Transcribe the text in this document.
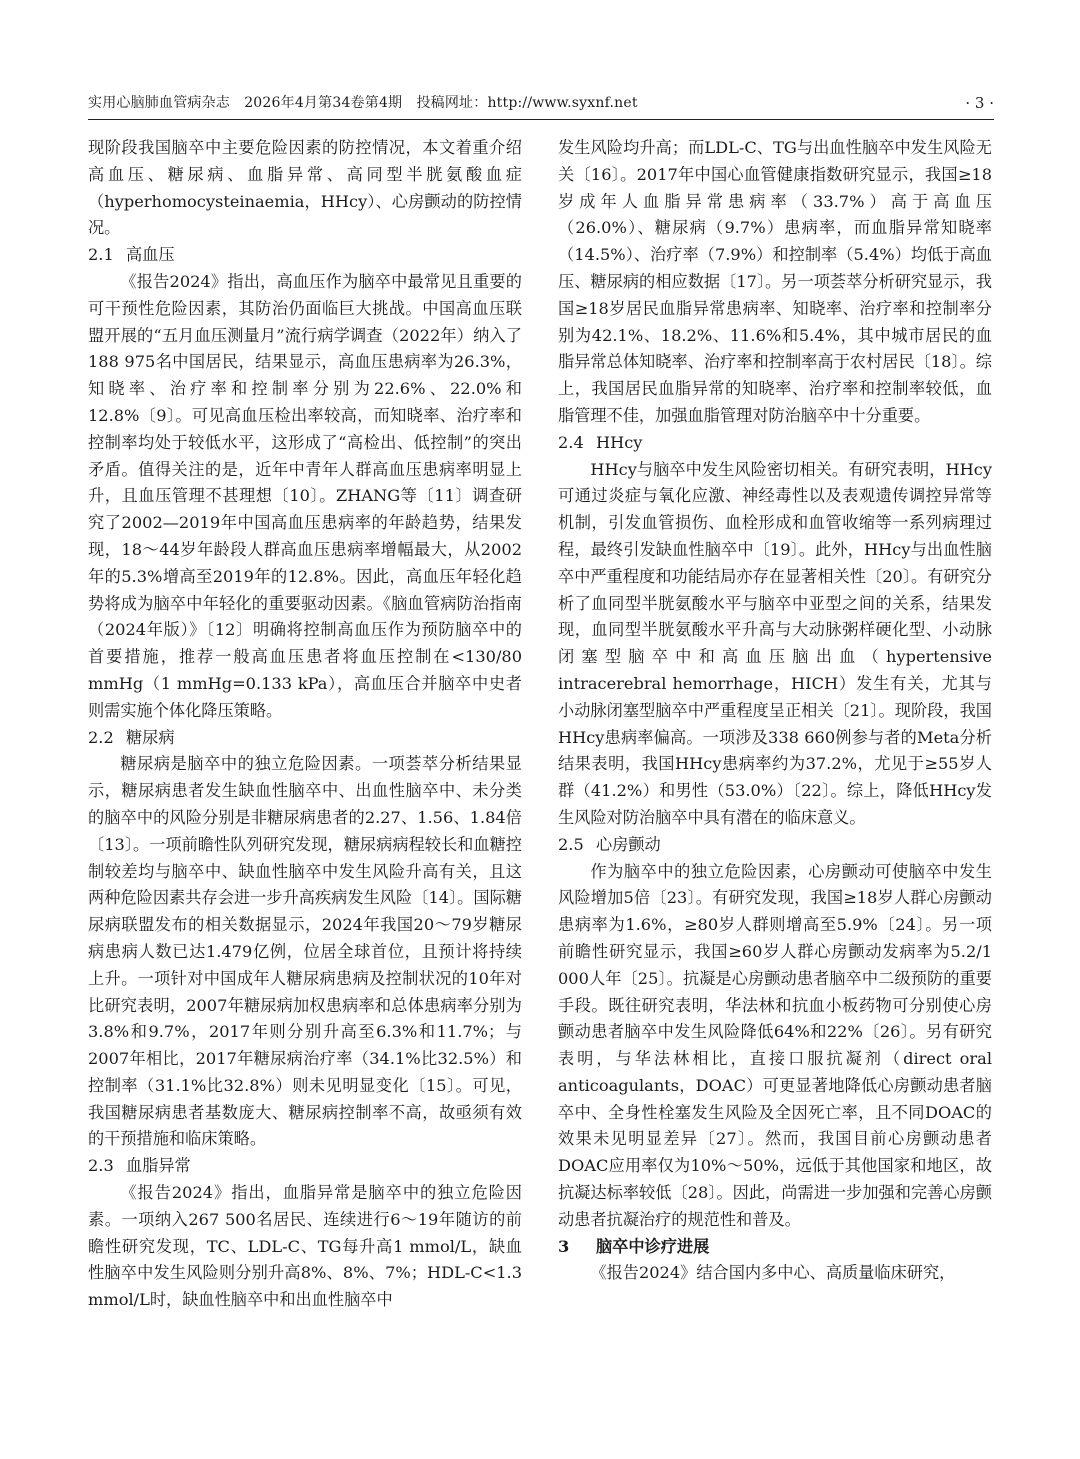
实用心脑肺血管病杂志　2026年4月第34卷第4期　投稿网址：http://www.syxnf.net	· 3 ·

现阶段我国脑卒中主要危险因素的防控情况，本文着重介绍高血压、糖尿病、血脂异常、高同型半胱氨酸血症（hyperhomocysteinaemia，HHcy）、心房颤动的防控情况。

2.1 高血压

《报告2024》指出，高血压作为脑卒中最常见且重要的可干预性危险因素，其防治仍面临巨大挑战。中国高血压联盟开展的“五月血压测量月”流行病学调查（2022年）纳入了188 975名中国居民，结果显示，高血压患病率为26.3%，知晓率、治疗率和控制率分别为22.6%、22.0%和12.8%〔9〕。可见高血压检出率较高，而知晓率、治疗率和控制率均处于较低水平，这形成了“高检出、低控制”的突出矛盾。值得关注的是，近年中青年人群高血压患病率明显上升，且血压管理不甚理想〔10〕。ZHANG等〔11〕调查研究了2002—2019年中国高血压患病率的年龄趋势，结果发现，18～44岁年龄段人群高血压患病率增幅最大，从2002年的5.3%增高至2019年的12.8%。因此，高血压年轻化趋势将成为脑卒中年轻化的重要驱动因素。《脑血管病防治指南（2024年版）》〔12〕明确将控制高血压作为预防脑卒中的首要措施，推荐一般高血压患者将血压控制在<130/80 mmHg（1 mmHg=0.133 kPa），高血压合并脑卒中史者则需实施个体化降压策略。

2.2 糖尿病

糖尿病是脑卒中的独立危险因素。一项荟萃分析结果显示，糖尿病患者发生缺血性脑卒中、出血性脑卒中、未分类的脑卒中的风险分别是非糖尿病患者的2.27、1.56、1.84倍〔13〕。一项前瞻性队列研究发现，糖尿病病程较长和血糖控制较差均与脑卒中、缺血性脑卒中发生风险升高有关，且这两种危险因素共存会进一步升高疾病发生风险〔14〕。国际糖尿病联盟发布的相关数据显示，2024年我国20～79岁糖尿病患病人数已达1.479亿例，位居全球首位，且预计将持续上升。一项针对中国成年人糖尿病患病及控制状况的10年对比研究表明，2007年糖尿病加权患病率和总体患病率分别为3.8%和9.7%，2017年则分别升高至6.3%和11.7%；与2007年相比，2017年糖尿病治疗率（34.1%比32.5%）和控制率（31.1%比32.8%）则未见明显变化〔15〕。可见，我国糖尿病患者基数庞大、糖尿病控制率不高，故亟须有效的干预措施和临床策略。

2.3 血脂异常

《报告2024》指出，血脂异常是脑卒中的独立危险因素。一项纳入267 500名居民、连续进行6～19年随访的前瞻性研究发现，TC、LDL-C、TG每升高1 mmol/L，缺血性脑卒中发生风险则分别升高8%、8%、7%；HDL-C<1.3 mmol/L时，缺血性脑卒中和出血性脑卒中

发生风险均升高；而LDL-C、TG与出血性脑卒中发生风险无关〔16〕。2017年中国心血管健康指数研究显示，我国≥18岁成年人血脂异常患病率（33.7%）高于高血压（26.0%）、糖尿病（9.7%）患病率，而血脂异常知晓率（14.5%）、治疗率（7.9%）和控制率（5.4%）均低于高血压、糖尿病的相应数据〔17〕。另一项荟萃分析研究显示，我国≥18岁居民血脂异常患病率、知晓率、治疗率和控制率分别为42.1%、18.2%、11.6%和5.4%，其中城市居民的血脂异常总体知晓率、治疗率和控制率高于农村居民〔18〕。综上，我国居民血脂异常的知晓率、治疗率和控制率较低，血脂管理不佳，加强血脂管理对防治脑卒中十分重要。

2.4 HHcy

HHcy与脑卒中发生风险密切相关。有研究表明，HHcy可通过炎症与氧化应激、神经毒性以及表观遗传调控异常等机制，引发血管损伤、血栓形成和血管收缩等一系列病理过程，最终引发缺血性脑卒中〔19〕。此外，HHcy与出血性脑卒中严重程度和功能结局亦存在显著相关性〔20〕。有研究分析了血同型半胱氨酸水平与脑卒中亚型之间的关系，结果发现，血同型半胱氨酸水平升高与大动脉粥样硬化型、小动脉闭塞型脑卒中和高血压脑出血（hypertensive intracerebral hemorrhage，HICH）发生有关，尤其与小动脉闭塞型脑卒中严重程度呈正相关〔21〕。现阶段，我国HHcy患病率偏高。一项涉及338 660例参与者的Meta分析结果表明，我国HHcy患病率约为37.2%，尤见于≥55岁人群（41.2%）和男性（53.0%）〔22〕。综上，降低HHcy发生风险对防治脑卒中具有潜在的临床意义。

2.5 心房颤动

作为脑卒中的独立危险因素，心房颤动可使脑卒中发生风险增加5倍〔23〕。有研究发现，我国≥18岁人群心房颤动患病率为1.6%，≥80岁人群则增高至5.9%〔24〕。另一项前瞻性研究显示，我国≥60岁人群心房颤动发病率为5.2/1 000人年〔25〕。抗凝是心房颤动患者脑卒中二级预防的重要手段。既往研究表明，华法林和抗血小板药物可分别使心房颤动患者脑卒中发生风险降低64%和22%〔26〕。另有研究表明，与华法林相比，直接口服抗凝剂（direct oral anticoagulants，DOAC）可更显著地降低心房颤动患者脑卒中、全身性栓塞发生风险及全因死亡率，且不同DOAC的效果未见明显差异〔27〕。然而，我国目前心房颤动患者DOAC应用率仅为10%～50%，远低于其他国家和地区，故抗凝达标率较低〔28〕。因此，尚需进一步加强和完善心房颤动患者抗凝治疗的规范性和普及。

3 脑卒中诊疗进展

《报告2024》结合国内多中心、高质量临床研究，
